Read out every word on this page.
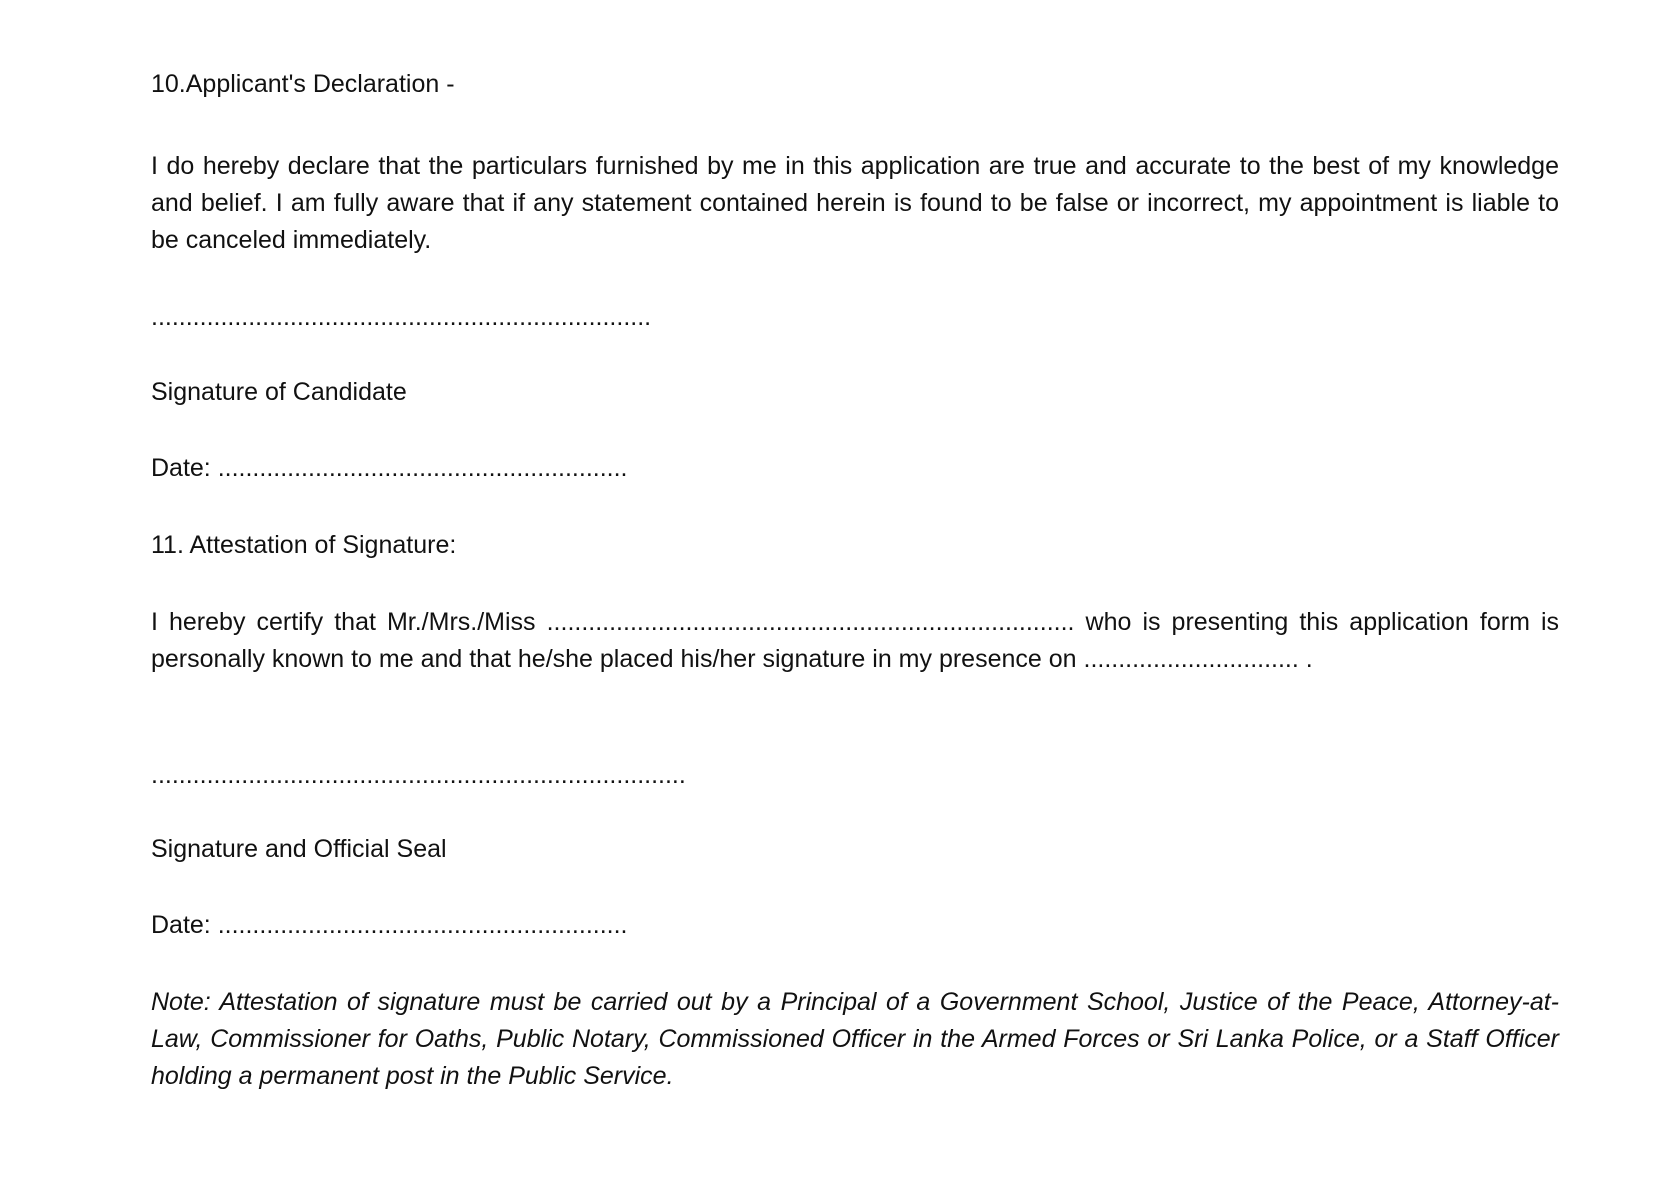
10.Applicant's Declaration -

I do hereby declare that the particulars furnished by me in this application are true and accurate to the best of my knowledge and belief. I am fully aware that if any statement contained herein is found to be false or incorrect, my appointment is liable to be canceled immediately.

........................................................................

Signature of Candidate

Date: ...........................................................

11. Attestation of Signature:

I hereby certify that Mr./Mrs./Miss ............................................................................ who is presenting this application form is personally known to me and that he/she placed his/her signature in my presence on ............................... .

.............................................................................

Signature and Official Seal

Date: ...........................................................

Note: Attestation of signature must be carried out by a Principal of a Government School, Justice of the Peace, Attorney-at-Law, Commissioner for Oaths, Public Notary, Commissioned Officer in the Armed Forces or Sri Lanka Police, or a Staff Officer holding a permanent post in the Public Service.
